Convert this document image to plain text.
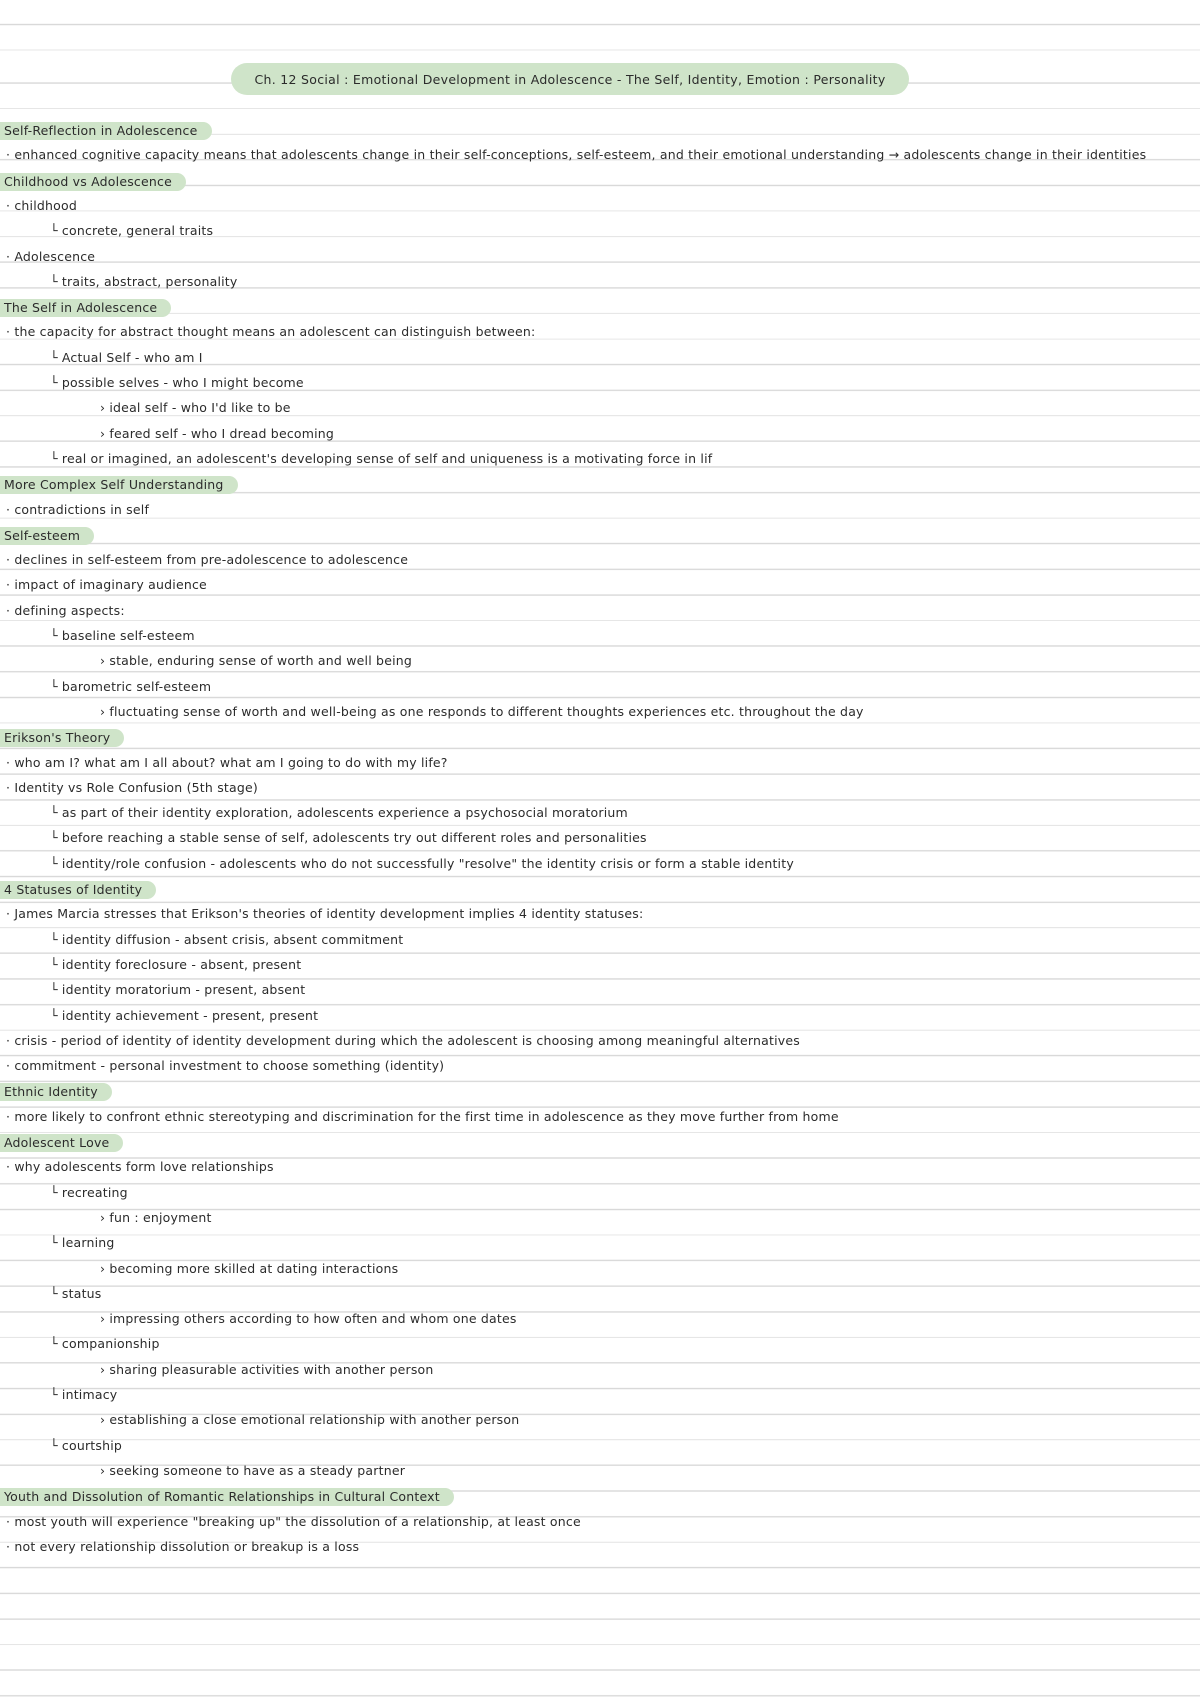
Ch. 12 Social : Emotional Development in Adolescence - The Self, Identity, Emotion : Personality
Self-Reflection in Adolescence
· enhanced cognitive capacity means that adolescents change in their self-conceptions, self-esteem, and their emotional understanding → adolescents change in their identities
Childhood vs Adolescence
· childhood
└ concrete, general traits
· Adolescence
└ traits, abstract, personality
The Self in Adolescence
· the capacity for abstract thought means an adolescent can distinguish between:
└ Actual Self - who am I
└ possible selves - who I might become
› ideal self - who I'd like to be
› feared self - who I dread becoming
└ real or imagined, an adolescent's developing sense of self and uniqueness is a motivating force in lif
More Complex Self Understanding
· contradictions in self
Self-esteem
· declines in self-esteem from pre-adolescence to adolescence
· impact of imaginary audience
· defining aspects:
└ baseline self-esteem
› stable, enduring sense of worth and well being
└ barometric self-esteem
› fluctuating sense of worth and well-being as one responds to different thoughts experiences etc. throughout the day
Erikson's Theory
· who am I? what am I all about? what am I going to do with my life?
· Identity vs Role Confusion (5th stage)
└ as part of their identity exploration, adolescents experience a psychosocial moratorium
└ before reaching a stable sense of self, adolescents try out different roles and personalities
└ identity/role confusion - adolescents who do not successfully "resolve" the identity crisis or form a stable identity
4 Statuses of Identity
· James Marcia stresses that Erikson's theories of identity development implies 4 identity statuses:
└ identity diffusion - absent crisis, absent commitment
└ identity foreclosure - absent, present
└ identity moratorium - present, absent
└ identity achievement - present, present
· crisis - period of identity of identity development during which the adolescent is choosing among meaningful alternatives
· commitment - personal investment to choose something (identity)
Ethnic Identity
· more likely to confront ethnic stereotyping and discrimination for the first time in adolescence as they move further from home
Adolescent Love
· why adolescents form love relationships
└ recreating
› fun : enjoyment
└ learning
› becoming more skilled at dating interactions
└ status
› impressing others according to how often and whom one dates
└ companionship
› sharing pleasurable activities with another person
└ intimacy
› establishing a close emotional relationship with another person
└ courtship
› seeking someone to have as a steady partner
Youth and Dissolution of Romantic Relationships in Cultural Context
· most youth will experience "breaking up" the dissolution of a relationship, at least once
· not every relationship dissolution or breakup is a loss
